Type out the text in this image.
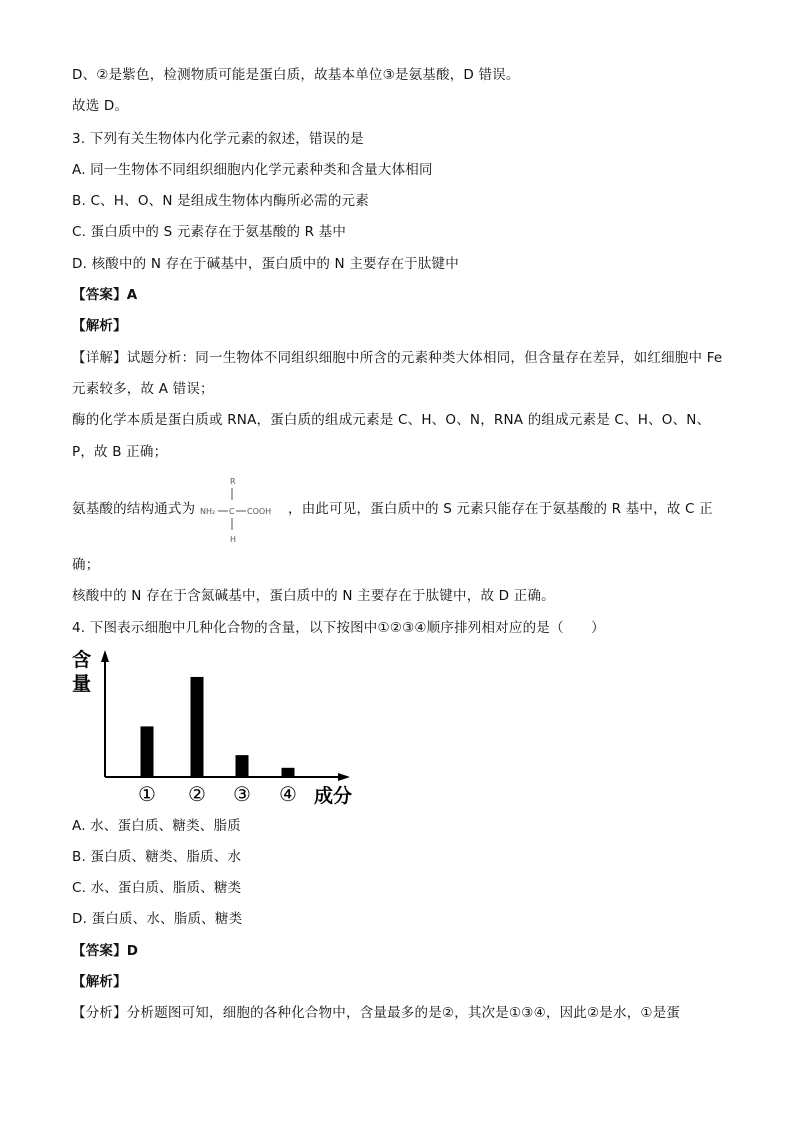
D、②是紫色，检测物质可能是蛋白质，故基本单位③是氨基酸，D 错误。
故选 D。
3. 下列有关生物体内化学元素的叙述，错误的是
A. 同一生物体不同组织细胞内化学元素种类和含量大体相同
B. C、H、O、N 是组成生物体内酶所必需的元素
C. 蛋白质中的 S 元素存在于氨基酸的 R 基中
D. 核酸中的 N 存在于碱基中，蛋白质中的 N 主要存在于肽键中
【答案】A
【解析】
【详解】试题分析：同一生物体不同组织细胞中所含的元素种类大体相同，但含量存在差异，如红细胞中 Fe
元素较多，故 A 错误；
酶的化学本质是蛋白质或 RNA，蛋白质的组成元素是 C、H、O、N，RNA 的组成元素是 C、H、O、N、
P，故 B 正确；
氨基酸的结构通式为
R
NH₂ C COOH
H
，由此可见，蛋白质中的 S 元素只能存在于氨基酸的 R 基中，故 C 正
确；
核酸中的 N 存在于含氮碱基中，蛋白质中的 N 主要存在于肽键中，故 D 正确。
4. 下图表示细胞中几种化合物的含量，以下按图中①②③④顺序排列相对应的是（　　）
① ② ③ ④
含
量
成分
A. 水、蛋白质、糖类、脂质
B. 蛋白质、糖类、脂质、水
C. 水、蛋白质、脂质、糖类
D. 蛋白质、水、脂质、糖类
【答案】D
【解析】
【分析】分析题图可知，细胞的各种化合物中，含量最多的是②，其次是①③④，因此②是水，①是蛋
